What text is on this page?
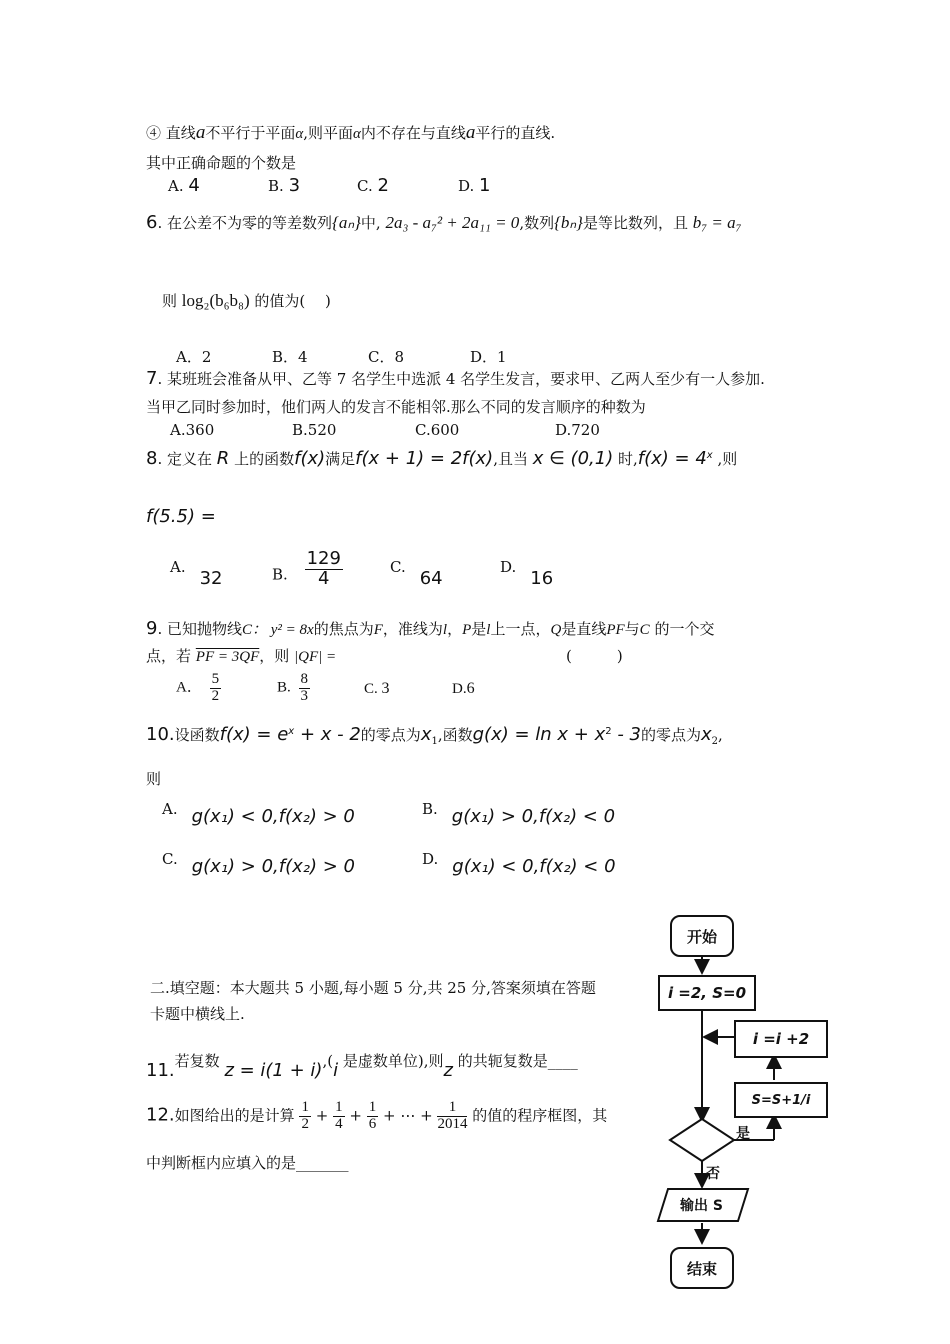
④ 直线a不平行于平面α,则平面α内不存在与直线a平行的直线.
其中正确命题的个数是
A. 4	B. 3	C. 2	D. 1
6. 在公差不为零的等差数列{aₙ}中, 2a₃ - a₇² + 2a₁₁ = 0,数列{bₙ}是等比数列，且 b₇ = a₇
则 log₂(b₆b₈) 的值为(　 )
A．2	B．4	C．8	D．1
7. 某班班会准备从甲、乙等 7 名学生中选派 4 名学生发言，要求甲、乙两人至少有一人参加.
当甲乙同时参加时，他们两人的发言不能相邻.那么不同的发言顺序的种数为
A.360	B.520	C.600	D.720
8. 定义在 R 上的函数f(x)满足f(x + 1) = 2f(x),且当 x ∈ (0,1) 时$,f(x) = 4^x$ ,则
f(5.5) =
A.32	B. $\frac{129}{4}$	C.64
D.16
9. 已知抛物线C： y² = 8x的焦点为F，准线为l，P是l上一点，Q是直线PF与C 的一个交
点，若 PF = 3QF，则 |QF| =	(　　　)
A． $\frac{5}{2}$	B. $\frac{8}{3}$	C. 3	D.6
10.设函数$f(x) = e^x + x - 2$的零点为$x_1$,函数$g(x) = \ln x + x^2 - 3$的零点为$x_2$,
则
A. g(x₁) < 0,f(x₂) > 0	B. g(x₁) > 0,f(x₂) < 0
C. g(x₁) > 0,f(x₂) > 0	D. g(x₁) < 0,f(x₂) < 0
二.填空题：本大题共 5 小题,每小题 5 分,共 25 分,答案须填在答题
卡题中横线上.
11.若复数 z = i(1 + i),(i 是虚数单位),则z 的共轭复数是____
12.如图给出的是计算 $\frac{1}{2} + \frac{1}{4} + \frac{1}{6}$ + ⋯ + $\frac{1}{2014}$ 的值的程序框图，其
中判断框内应填入的是_______
开始
i =2, S=0
i =i +2
S=S+1/i
是
否
输出 S
结束
